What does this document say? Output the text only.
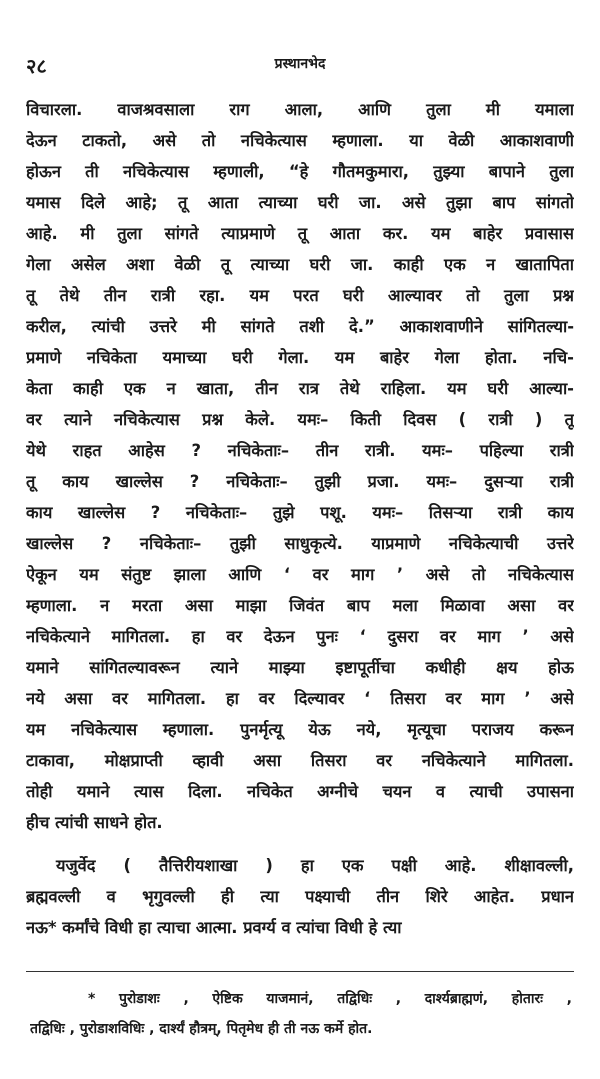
२८	प्रस्थानभेद
विचारला. वाजश्रवसाला राग आला, आणि तुला मी यमाला
देऊन टाकतो, असे तो नचिकेत्यास म्हणाला. या वेळी आकाशवाणी
होऊन ती नचिकेत्यास म्हणाली, “हे गौतमकुमारा, तुझ्या बापाने तुला
यमास दिले आहे; तू आता त्याच्या घरी जा. असे तुझा बाप सांगतो
आहे. मी तुला सांगते त्याप्रमाणे तू आता कर. यम बाहेर प्रवासास
गेला असेल अशा वेळी तू त्याच्या घरी जा. काही एक न खातापिता
तू तेथे तीन रात्री रहा. यम परत घरी आल्यावर तो तुला प्रश्न
करील, त्यांची उत्तरे मी सांगते तशी दे.” आकाशवाणीने सांगितल्या-
प्रमाणे नचिकेता यमाच्या घरी गेला. यम बाहेर गेला होता. नचि-
केता काही एक न खाता, तीन रात्र तेथे राहिला. यम घरी आल्या-
वर त्याने नचिकेत्यास प्रश्न केले. यमः– किती दिवस ( रात्री ) तू
येथे राहत आहेस ? नचिकेताः– तीन रात्री. यमः– पहिल्या रात्री
तू काय खाल्लेस ? नचिकेताः– तुझी प्रजा. यमः– दुसऱ्या रात्री
काय खाल्लेस ? नचिकेताः– तुझे पशू. यमः– तिसऱ्या रात्री काय
खाल्लेस ? नचिकेताः– तुझी साधुकृत्ये. याप्रमाणे नचिकेत्याची उत्तरे
ऐकून यम संतुष्ट झाला आणि ‘ वर माग ’ असे तो नचिकेत्यास
म्हणाला. न मरता असा माझा जिवंत बाप मला मिळावा असा वर
नचिकेत्याने मागितला. हा वर देऊन पुनः ‘ दुसरा वर माग ’ असे
यमाने सांगितल्यावरून त्याने माझ्या इष्टापूर्तीचा कधीही क्षय होऊ
नये असा वर मागितला. हा वर दिल्यावर ‘ तिसरा वर माग ’ असे
यम नचिकेत्यास म्हणाला. पुनर्मृत्यू येऊ नये, मृत्यूचा पराजय करून
टाकावा, मोक्षप्राप्ती व्हावी असा तिसरा वर नचिकेत्याने मागितला.
तोही यमाने त्यास दिला. नचिकेत अग्नीचे चयन व त्याची उपासना
हीच त्यांची साधने होत.
यजुर्वेद ( तैत्तिरीयशाखा ) हा एक पक्षी आहे. शीक्षावल्ली,
ब्रह्मवल्ली व भृगुवल्ली ही त्या पक्ष्याची तीन शिरे आहेत. प्रधान
नऊ* कर्मांचे विधी हा त्याचा आत्मा. प्रवर्ग्य व त्यांचा विधी हे त्या
* पुरोडाशः , ऐष्टिक याजमानं, तद्विधिः , दार्श्यब्राह्मणं, होतारः ,
तद्विधिः , पुरोडाशविधिः , दार्श्यं हौत्रम्, पितृमेध ही ती नऊ कर्मे होत.
